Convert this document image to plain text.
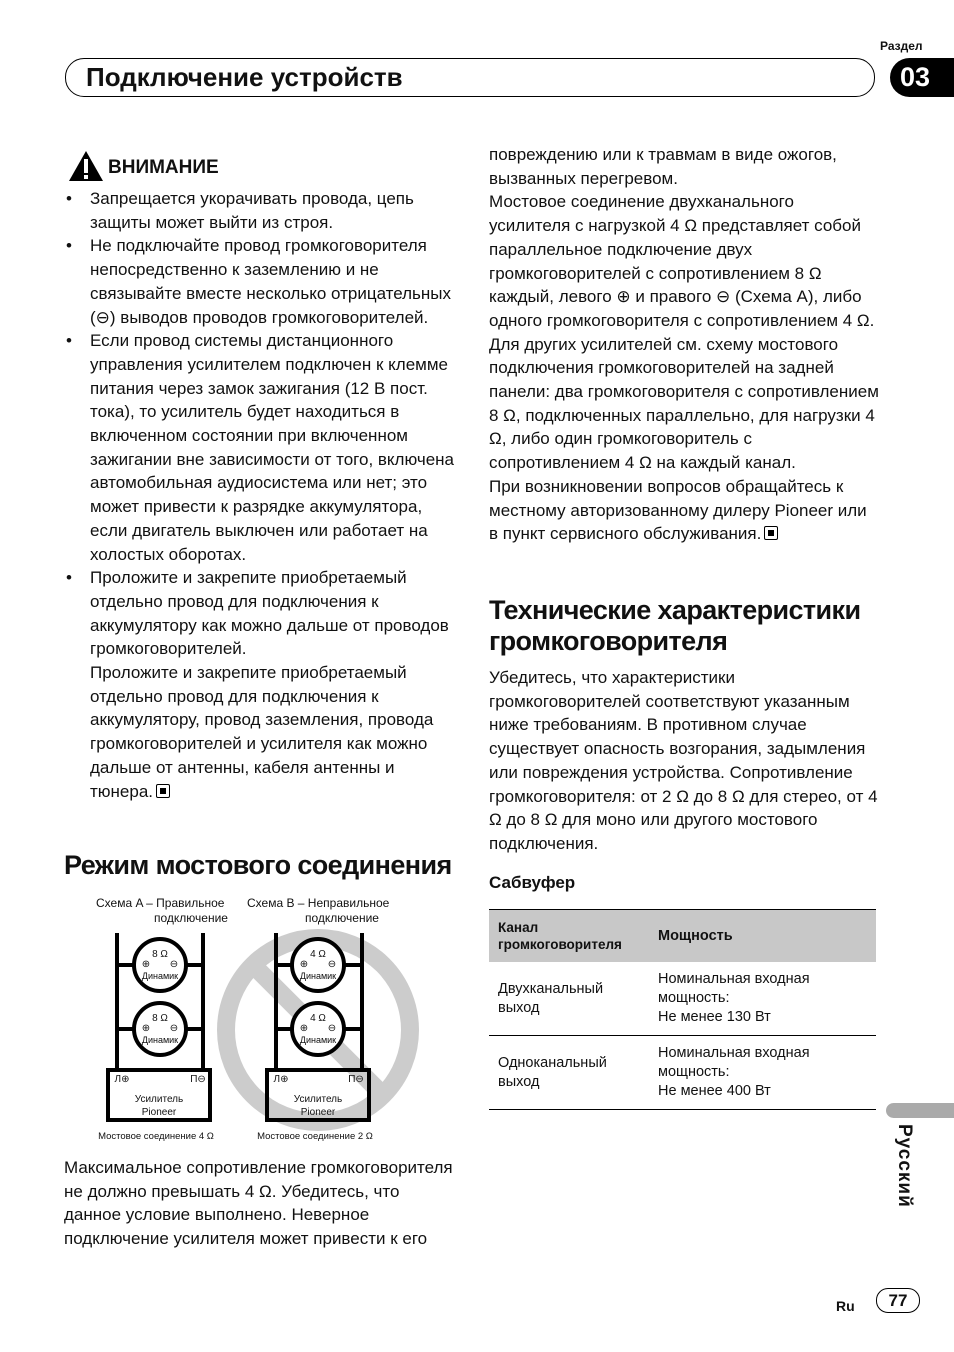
Подключение устройств
Раздел
03
ВНИМАНИЕ
• Запрещается укорачивать провода, цепь защиты может выйти из строя.
• Не подключайте провод громкоговорителя непосредственно к заземлению и не связывайте вместе несколько отрицательных (⊖) выводов проводов громкоговорителей.
• Если провод системы дистанционного управления усилителем подключен к клемме питания через замок зажигания (12 В пост. тока), то усилитель будет находиться в включенном состоянии при включенном зажигании вне зависимости от того, включена автомобильная аудиосистема или нет; это может привести к разрядке аккумулятора, если двигатель выключен или работает на холостых оборотах.
• Проложите и закрепите приобретаемый отдельно провод для подключения к аккумулятору как можно дальше от проводов громкоговорителей.
Проложите и закрепите приобретаемый отдельно провод для подключения к аккумулятору, провод заземления, провода громкоговорителей и усилителя как можно дальше от антенны, кабеля антенны и тюнера.
Режим мостового соединения
Схема A – Правильное
подключение
Схема B – Неправильное
подключение
8 Ω
8 Ω
4 Ω
4 Ω
⊕ ⊖
⊕ ⊖
⊕ ⊖
⊕ ⊖
Динамик
Динамик
Динамик
Динамик
Л⊕	П⊖
Усилитель
Pioneer
Л⊕	П⊖
Усилитель
Pioneer
Мостовое соединение 4 Ω	Мостовое соединение 2 Ω
Максимальное сопротивление громкоговорителя не должно превышать 4 Ω. Убедитесь, что данное условие выполнено. Неверное подключение усилителя может привести к его
повреждению или к травмам в виде ожогов, вызванных перегревом.
Мостовое соединение двухканального усилителя с нагрузкой 4 Ω представляет собой параллельное подключение двух громкоговорителей с сопротивлением 8 Ω каждый, левого ⊕ и правого ⊖ (Схема A), либо одного громкоговорителя с сопротивлением 4 Ω. Для других усилителей см. схему мостового подключения громкоговорителей на задней панели: два громкоговорителя с сопротивлением 8 Ω, подключенных параллельно, для нагрузки 4 Ω, либо один громкоговоритель с сопротивлением 4 Ω на каждый канал.
При возникновении вопросов обращайтесь к местному авторизованному дилеру Pioneer или в пункт сервисного обслуживания.
Технические характеристики громкоговорителя
Убедитесь, что характеристики громкоговорителей соответствуют указанным ниже требованиям. В противном случае существует опасность возгорания, задымления или повреждения устройства. Сопротивление громкоговорителя: от 2 Ω до 8 Ω для стерео, от 4 Ω до 8 Ω для моно или другого мостового подключения.
Сабвуфер
Канал громкоговорителя	Мощность
Двухканальный выход	Номинальная входная мощность:
Не менее 130 Вт

Одноканальный выход	Номинальная входная мощность:
Не менее 400 Вт
Русский
Ru	77
